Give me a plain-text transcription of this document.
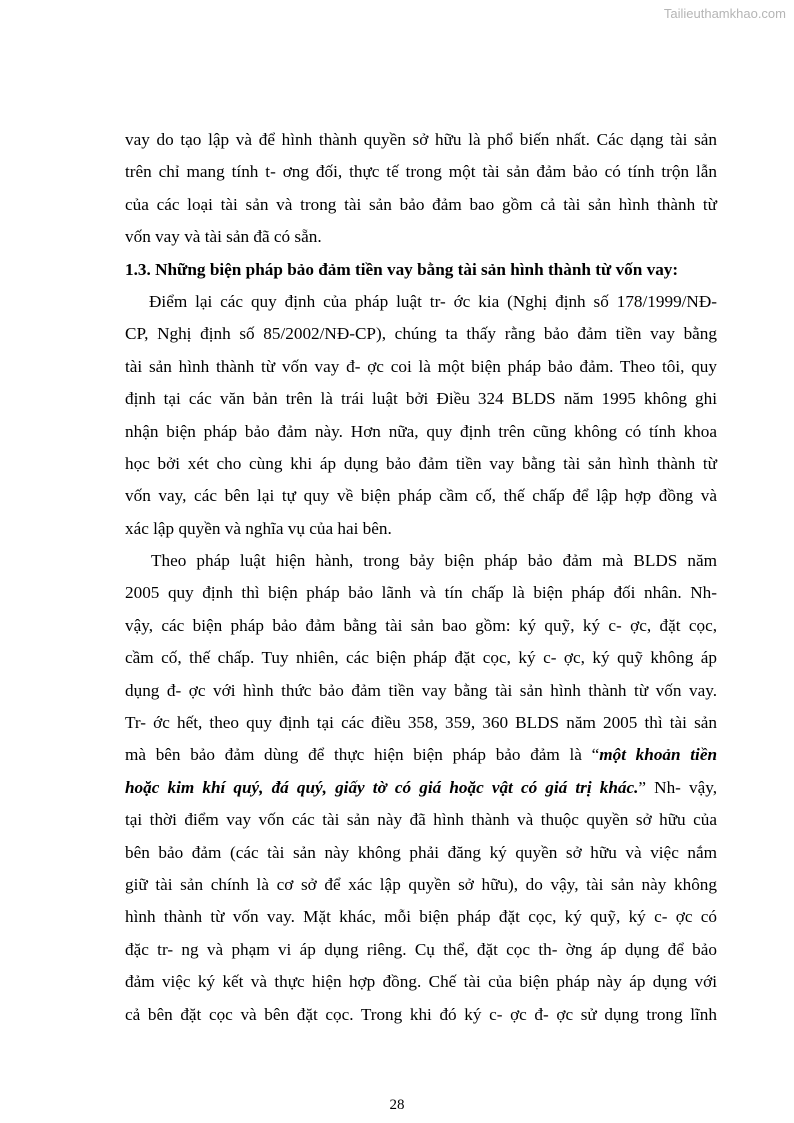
Tailieuthamkhao.com
vay do tạo lập và để hình thành quyền sở hữu là phổ biến nhất. Các dạng tài sản
trên chỉ mang tính t- ơng đối, thực tế trong một tài sản đảm bảo có tính trộn lẫn
của các loại tài sản và trong tài sản bảo đảm bao gồm cả tài sản hình thành từ
vốn vay và tài sản đã có sẵn.
1.3. Những biện pháp bảo đảm tiền vay bằng tài sản hình thành từ vốn vay:
Điểm lại các quy định của pháp luật tr- ớc kia (Nghị định số 178/1999/NĐ-
CP, Nghị định số 85/2002/NĐ-CP), chúng ta thấy rằng bảo đảm tiền vay bằng
tài sản hình thành từ vốn vay đ- ợc coi là một biện pháp bảo đảm. Theo tôi, quy
định tại các văn bản trên là trái luật bởi Điều 324 BLDS năm 1995 không ghi
nhận biện pháp bảo đảm này. Hơn nữa, quy định trên cũng không có tính khoa
học bởi xét cho cùng khi áp dụng bảo đảm tiền vay bằng tài sản hình thành từ
vốn vay, các bên lại tự quy về biện pháp cầm cố, thế chấp để lập hợp đồng và
xác lập quyền và nghĩa vụ của hai bên.
Theo pháp luật hiện hành, trong bảy biện pháp bảo đảm mà BLDS năm
2005 quy định thì biện pháp bảo lãnh và tín chấp là biện pháp đối nhân. Nh-
vậy, các biện pháp bảo đảm bằng tài sản bao gồm: ký quỹ, ký c- ợc, đặt cọc,
cầm cố, thế chấp. Tuy nhiên, các biện pháp đặt cọc, ký c- ợc, ký quỹ không áp
dụng đ- ợc với hình thức bảo đảm tiền vay bằng tài sản hình thành từ vốn vay.
Tr- ớc hết, theo quy định tại các điều 358, 359, 360 BLDS năm 2005 thì tài sản
mà bên bảo đảm dùng để thực hiện biện pháp bảo đảm là “một khoản tiền
hoặc kim khí quý, đá quý, giấy tờ có giá hoặc vật có giá trị khác.” Nh- vậy,
tại thời điểm vay vốn các tài sản này đã hình thành và thuộc quyền sở hữu của
bên bảo đảm (các tài sản này không phải đăng ký quyền sở hữu và việc nắm
giữ tài sản chính là cơ sở để xác lập quyền sở hữu), do vậy, tài sản này không
hình thành từ vốn vay. Mặt khác, mỗi biện pháp đặt cọc, ký quỹ, ký c- ợc có
đặc tr- ng và phạm vi áp dụng riêng. Cụ thể, đặt cọc th- ờng áp dụng để bảo
đảm việc ký kết và thực hiện hợp đồng. Chế tài của biện pháp này áp dụng với
cả bên đặt cọc và bên đặt cọc. Trong khi đó ký c- ợc đ- ợc sử dụng trong lĩnh
28
